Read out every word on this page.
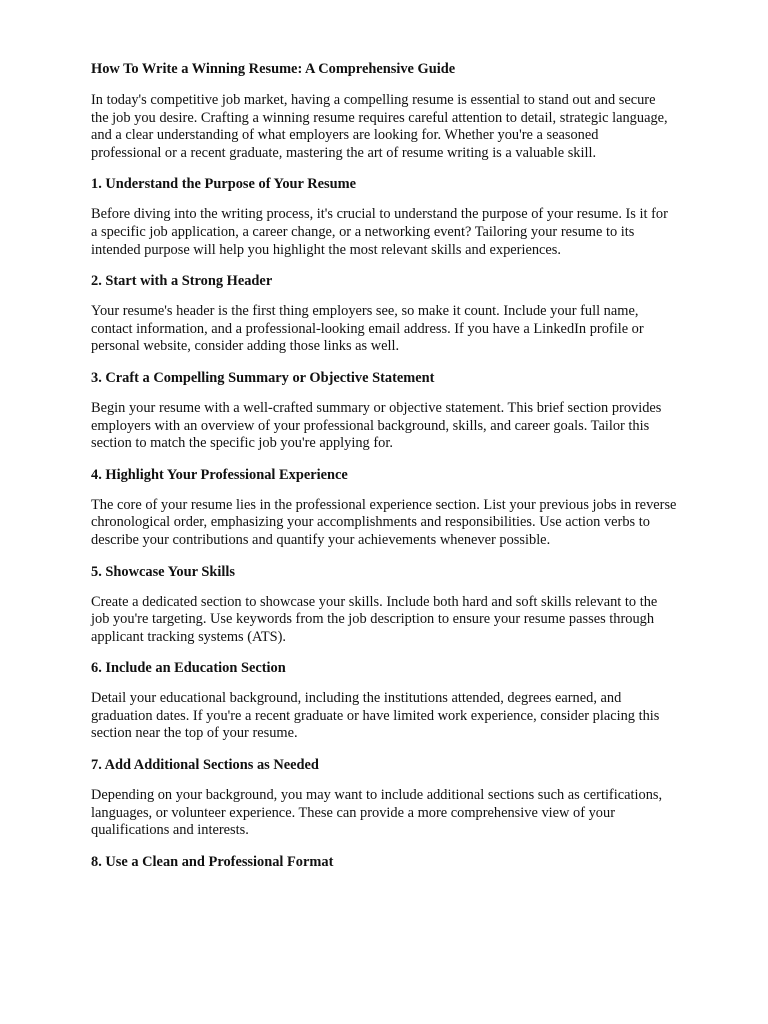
How To Write a Winning Resume: A Comprehensive Guide
In today's competitive job market, having a compelling resume is essential to stand out and secure
the job you desire. Crafting a winning resume requires careful attention to detail, strategic language,
and a clear understanding of what employers are looking for. Whether you're a seasoned
professional or a recent graduate, mastering the art of resume writing is a valuable skill.
1. Understand the Purpose of Your Resume
Before diving into the writing process, it's crucial to understand the purpose of your resume. Is it for
a specific job application, a career change, or a networking event? Tailoring your resume to its
intended purpose will help you highlight the most relevant skills and experiences.
2. Start with a Strong Header
Your resume's header is the first thing employers see, so make it count. Include your full name,
contact information, and a professional-looking email address. If you have a LinkedIn profile or
personal website, consider adding those links as well.
3. Craft a Compelling Summary or Objective Statement
Begin your resume with a well-crafted summary or objective statement. This brief section provides
employers with an overview of your professional background, skills, and career goals. Tailor this
section to match the specific job you're applying for.
4. Highlight Your Professional Experience
The core of your resume lies in the professional experience section. List your previous jobs in reverse
chronological order, emphasizing your accomplishments and responsibilities. Use action verbs to
describe your contributions and quantify your achievements whenever possible.
5. Showcase Your Skills
Create a dedicated section to showcase your skills. Include both hard and soft skills relevant to the
job you're targeting. Use keywords from the job description to ensure your resume passes through
applicant tracking systems (ATS).
6. Include an Education Section
Detail your educational background, including the institutions attended, degrees earned, and
graduation dates. If you're a recent graduate or have limited work experience, consider placing this
section near the top of your resume.
7. Add Additional Sections as Needed
Depending on your background, you may want to include additional sections such as certifications,
languages, or volunteer experience. These can provide a more comprehensive view of your
qualifications and interests.
8. Use a Clean and Professional Format
